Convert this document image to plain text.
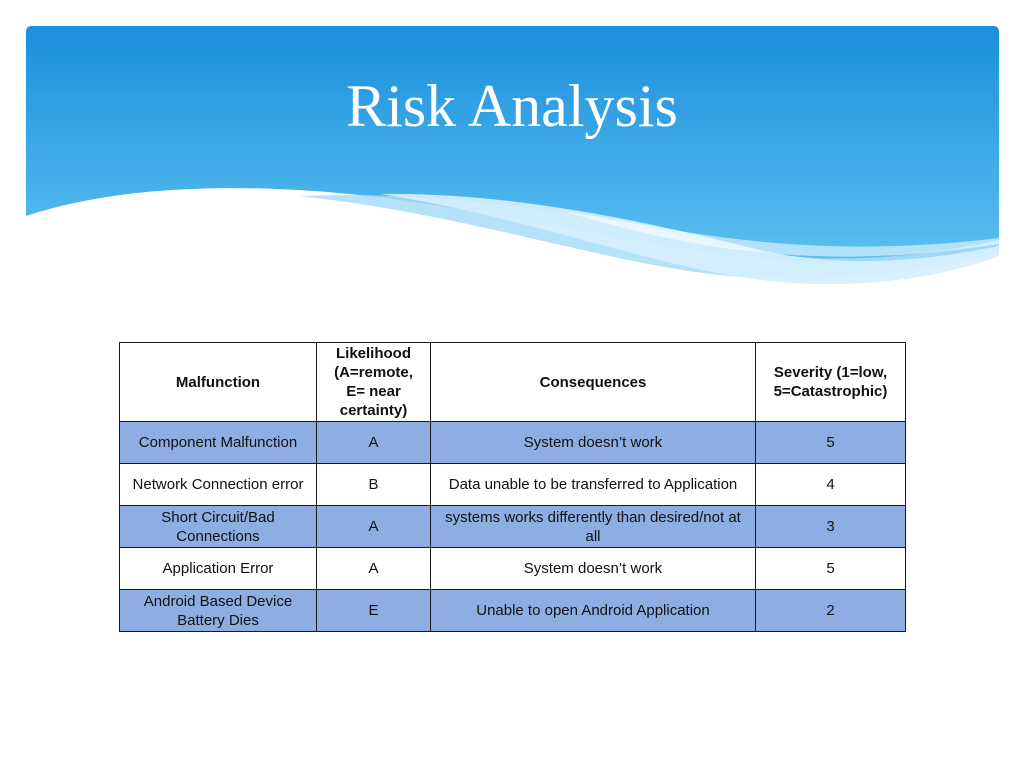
Risk Analysis
Malfunction	Likelihood (A=remote, E= near certainty)	Consequences	Severity (1=low, 5=Catastrophic)
Component Malfunction	A	System doesn’t work	5
Network Connection error	B	Data unable to be transferred to Application	4
Short Circuit/Bad Connections	A	systems works differently than desired/not at all	3
Application Error	A	System doesn’t work	5
Android Based Device Battery Dies	E	Unable to open Android Application	2
